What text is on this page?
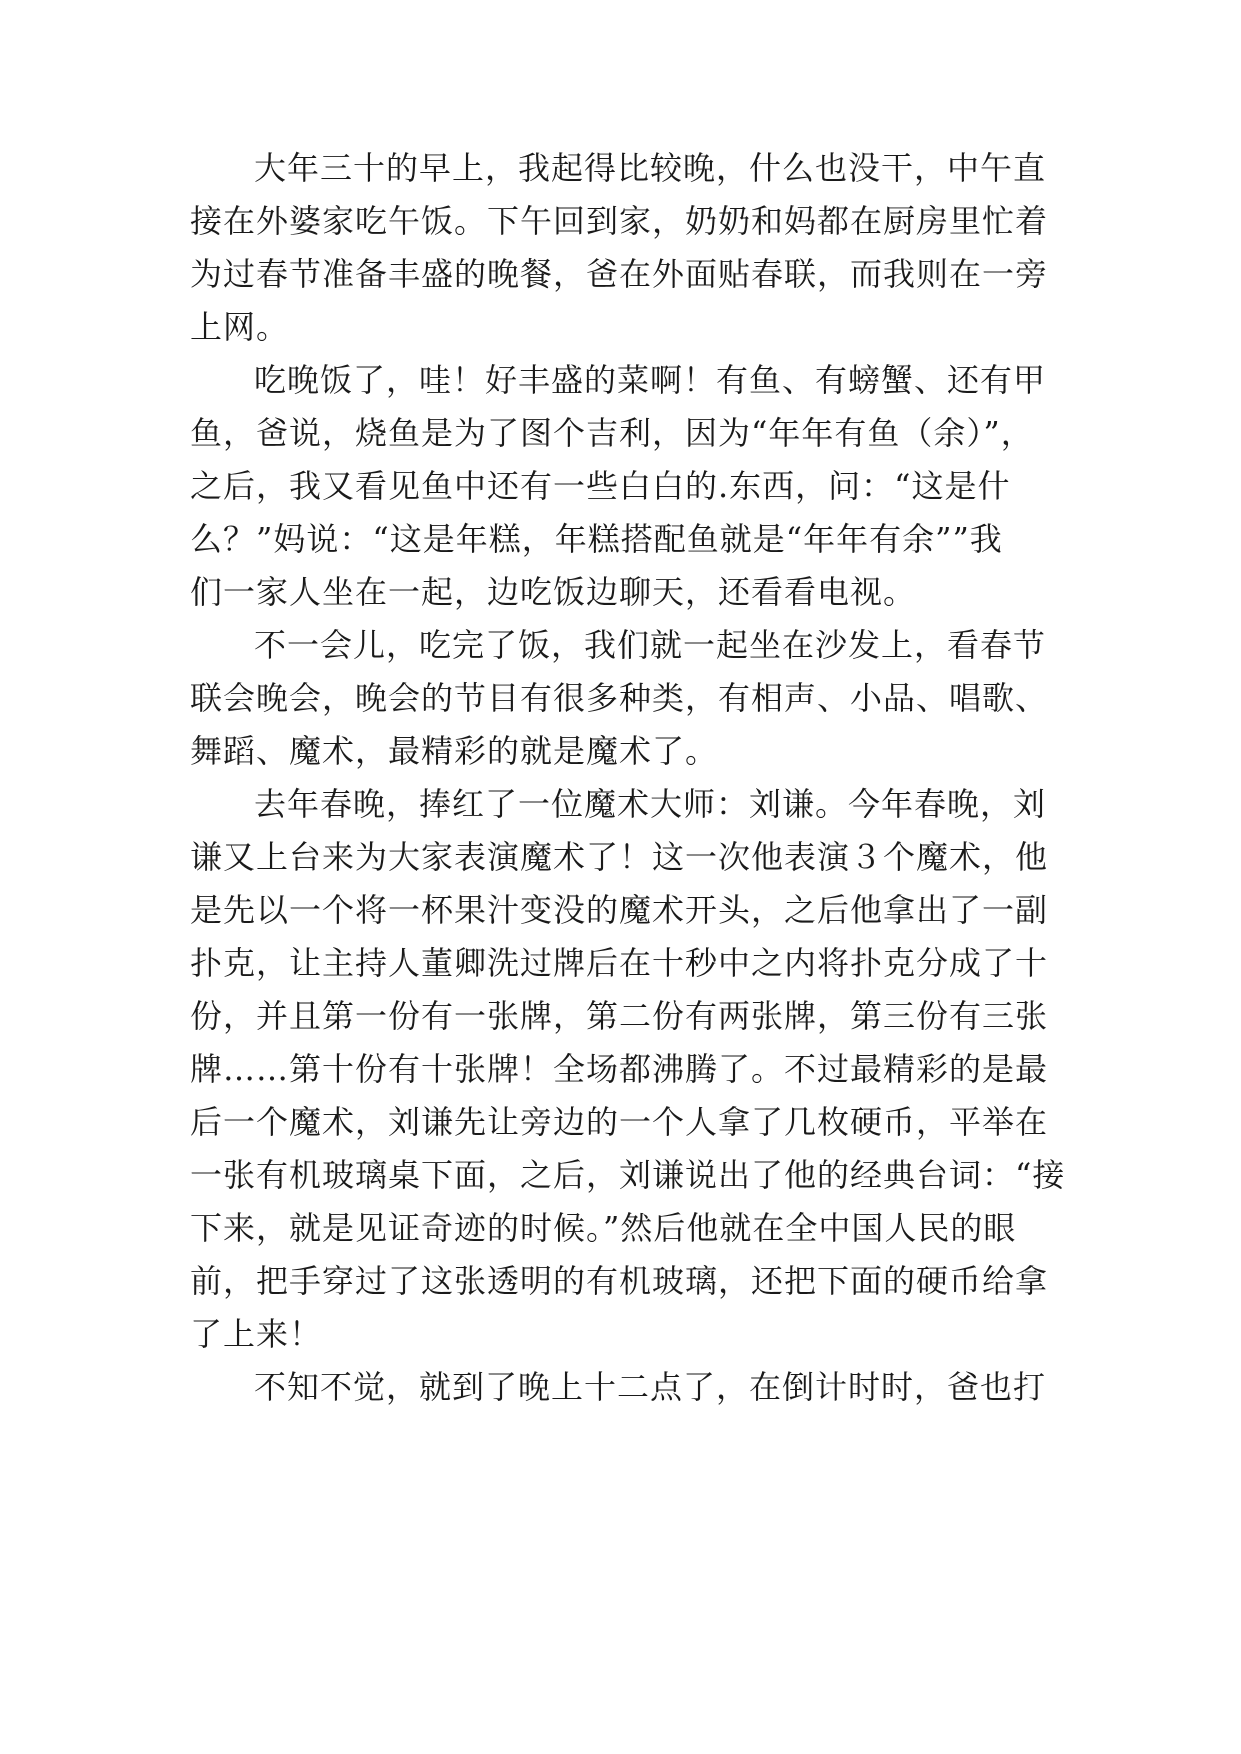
大年三十的早上，我起得比较晚，什么也没干，中午直
接在外婆家吃午饭。下午回到家，奶奶和妈都在厨房里忙着
为过春节准备丰盛的晚餐，爸在外面贴春联，而我则在一旁
上网。
吃晚饭了，哇！好丰盛的菜啊！有鱼、有螃蟹、还有甲
鱼，爸说，烧鱼是为了图个吉利，因为“年年有鱼（余）”，
之后，我又看见鱼中还有一些白白的.东西，问：“这是什
么？”妈说：“这是年糕，年糕搭配鱼就是“年年有余””我
们一家人坐在一起，边吃饭边聊天，还看看电视。
不一会儿，吃完了饭，我们就一起坐在沙发上，看春节
联会晚会，晚会的节目有很多种类，有相声、小品、唱歌、
舞蹈、魔术，最精彩的就是魔术了。
去年春晚，捧红了一位魔术大师：刘谦。今年春晚，刘
谦又上台来为大家表演魔术了！这一次他表演３个魔术，他
是先以一个将一杯果汁变没的魔术开头，之后他拿出了一副
扑克，让主持人董卿洗过牌后在十秒中之内将扑克分成了十
份，并且第一份有一张牌，第二份有两张牌，第三份有三张
牌……第十份有十张牌！全场都沸腾了。不过最精彩的是最
后一个魔术，刘谦先让旁边的一个人拿了几枚硬币，平举在
一张有机玻璃桌下面，之后，刘谦说出了他的经典台词：“接
下来，就是见证奇迹的时候。”然后他就在全中国人民的眼
前，把手穿过了这张透明的有机玻璃，还把下面的硬币给拿
了上来！
不知不觉，就到了晚上十二点了，在倒计时时，爸也打
